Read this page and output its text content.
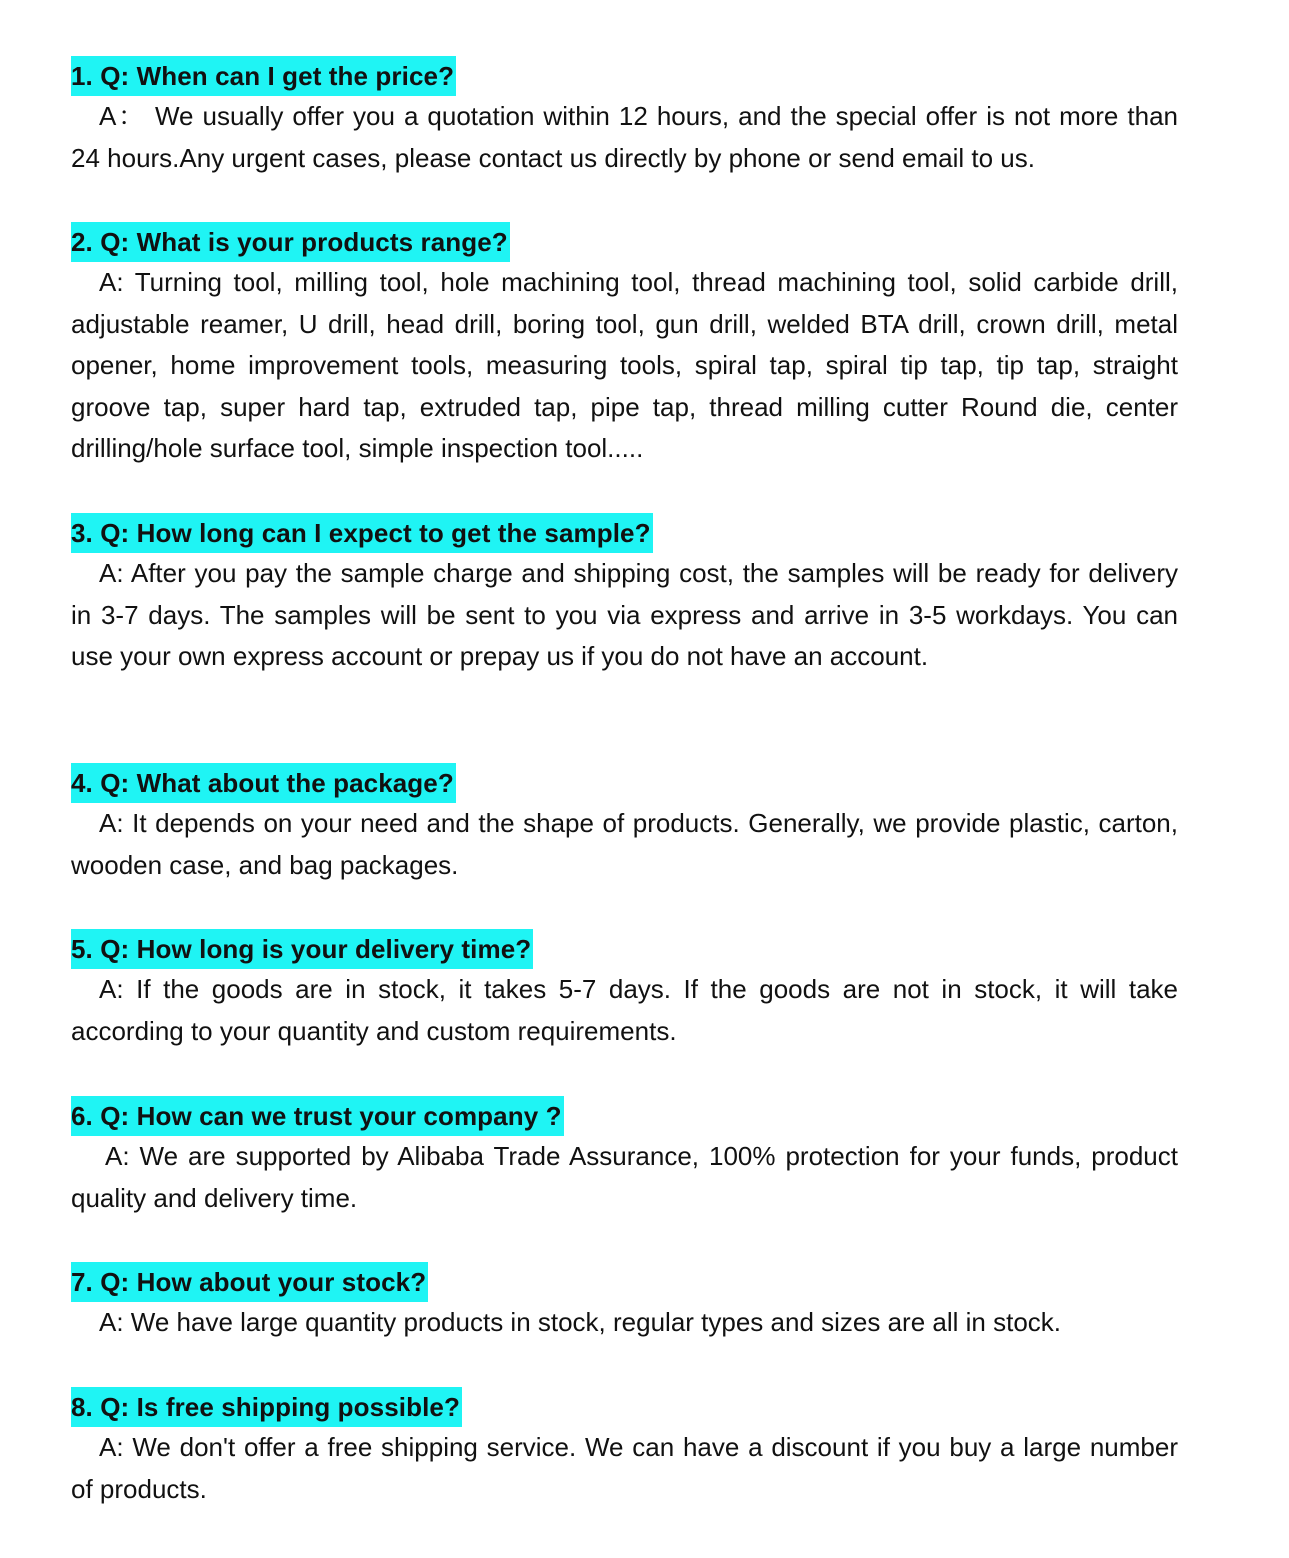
1. Q: When can I get the price?

A： We usually offer you a quotation within 12 hours, and the special offer is not more than 24 hours.Any urgent cases, please contact us directly by phone or send email to us.

2. Q: What is your products range?

A: Turning tool, milling tool, hole machining tool, thread machining tool, solid carbide drill, adjustable reamer, U drill, head drill, boring tool, gun drill, welded BTA drill, crown drill, metal opener, home improvement tools, measuring tools, spiral tap, spiral tip tap, tip tap, straight groove tap, super hard tap, extruded tap, pipe tap, thread milling cutter Round die, center drilling/hole surface tool, simple inspection tool.....

3. Q: How long can I expect to get the sample?

A: After you pay the sample charge and shipping cost, the samples will be ready for delivery in 3-7 days. The samples will be sent to you via express and arrive in 3-5 workdays. You can use your own express account or prepay us if you do not have an account.

4. Q: What about the package?

A: It depends on your need and the shape of products. Generally, we provide plastic, carton, wooden case, and bag packages.

5. Q: How long is your delivery time?

A: If the goods are in stock, it takes 5-7 days. If the goods are not in stock, it will take according to your quantity and custom requirements.

6. Q: How can we trust your company ?

A: We are supported by Alibaba Trade Assurance, 100% protection for your funds, product quality and delivery time.

7. Q: How about your stock?

A: We have large quantity products in stock, regular types and sizes are all in stock.

8. Q: Is free shipping possible?

A: We don't offer a free shipping service. We can have a discount if you buy a large number of products.
